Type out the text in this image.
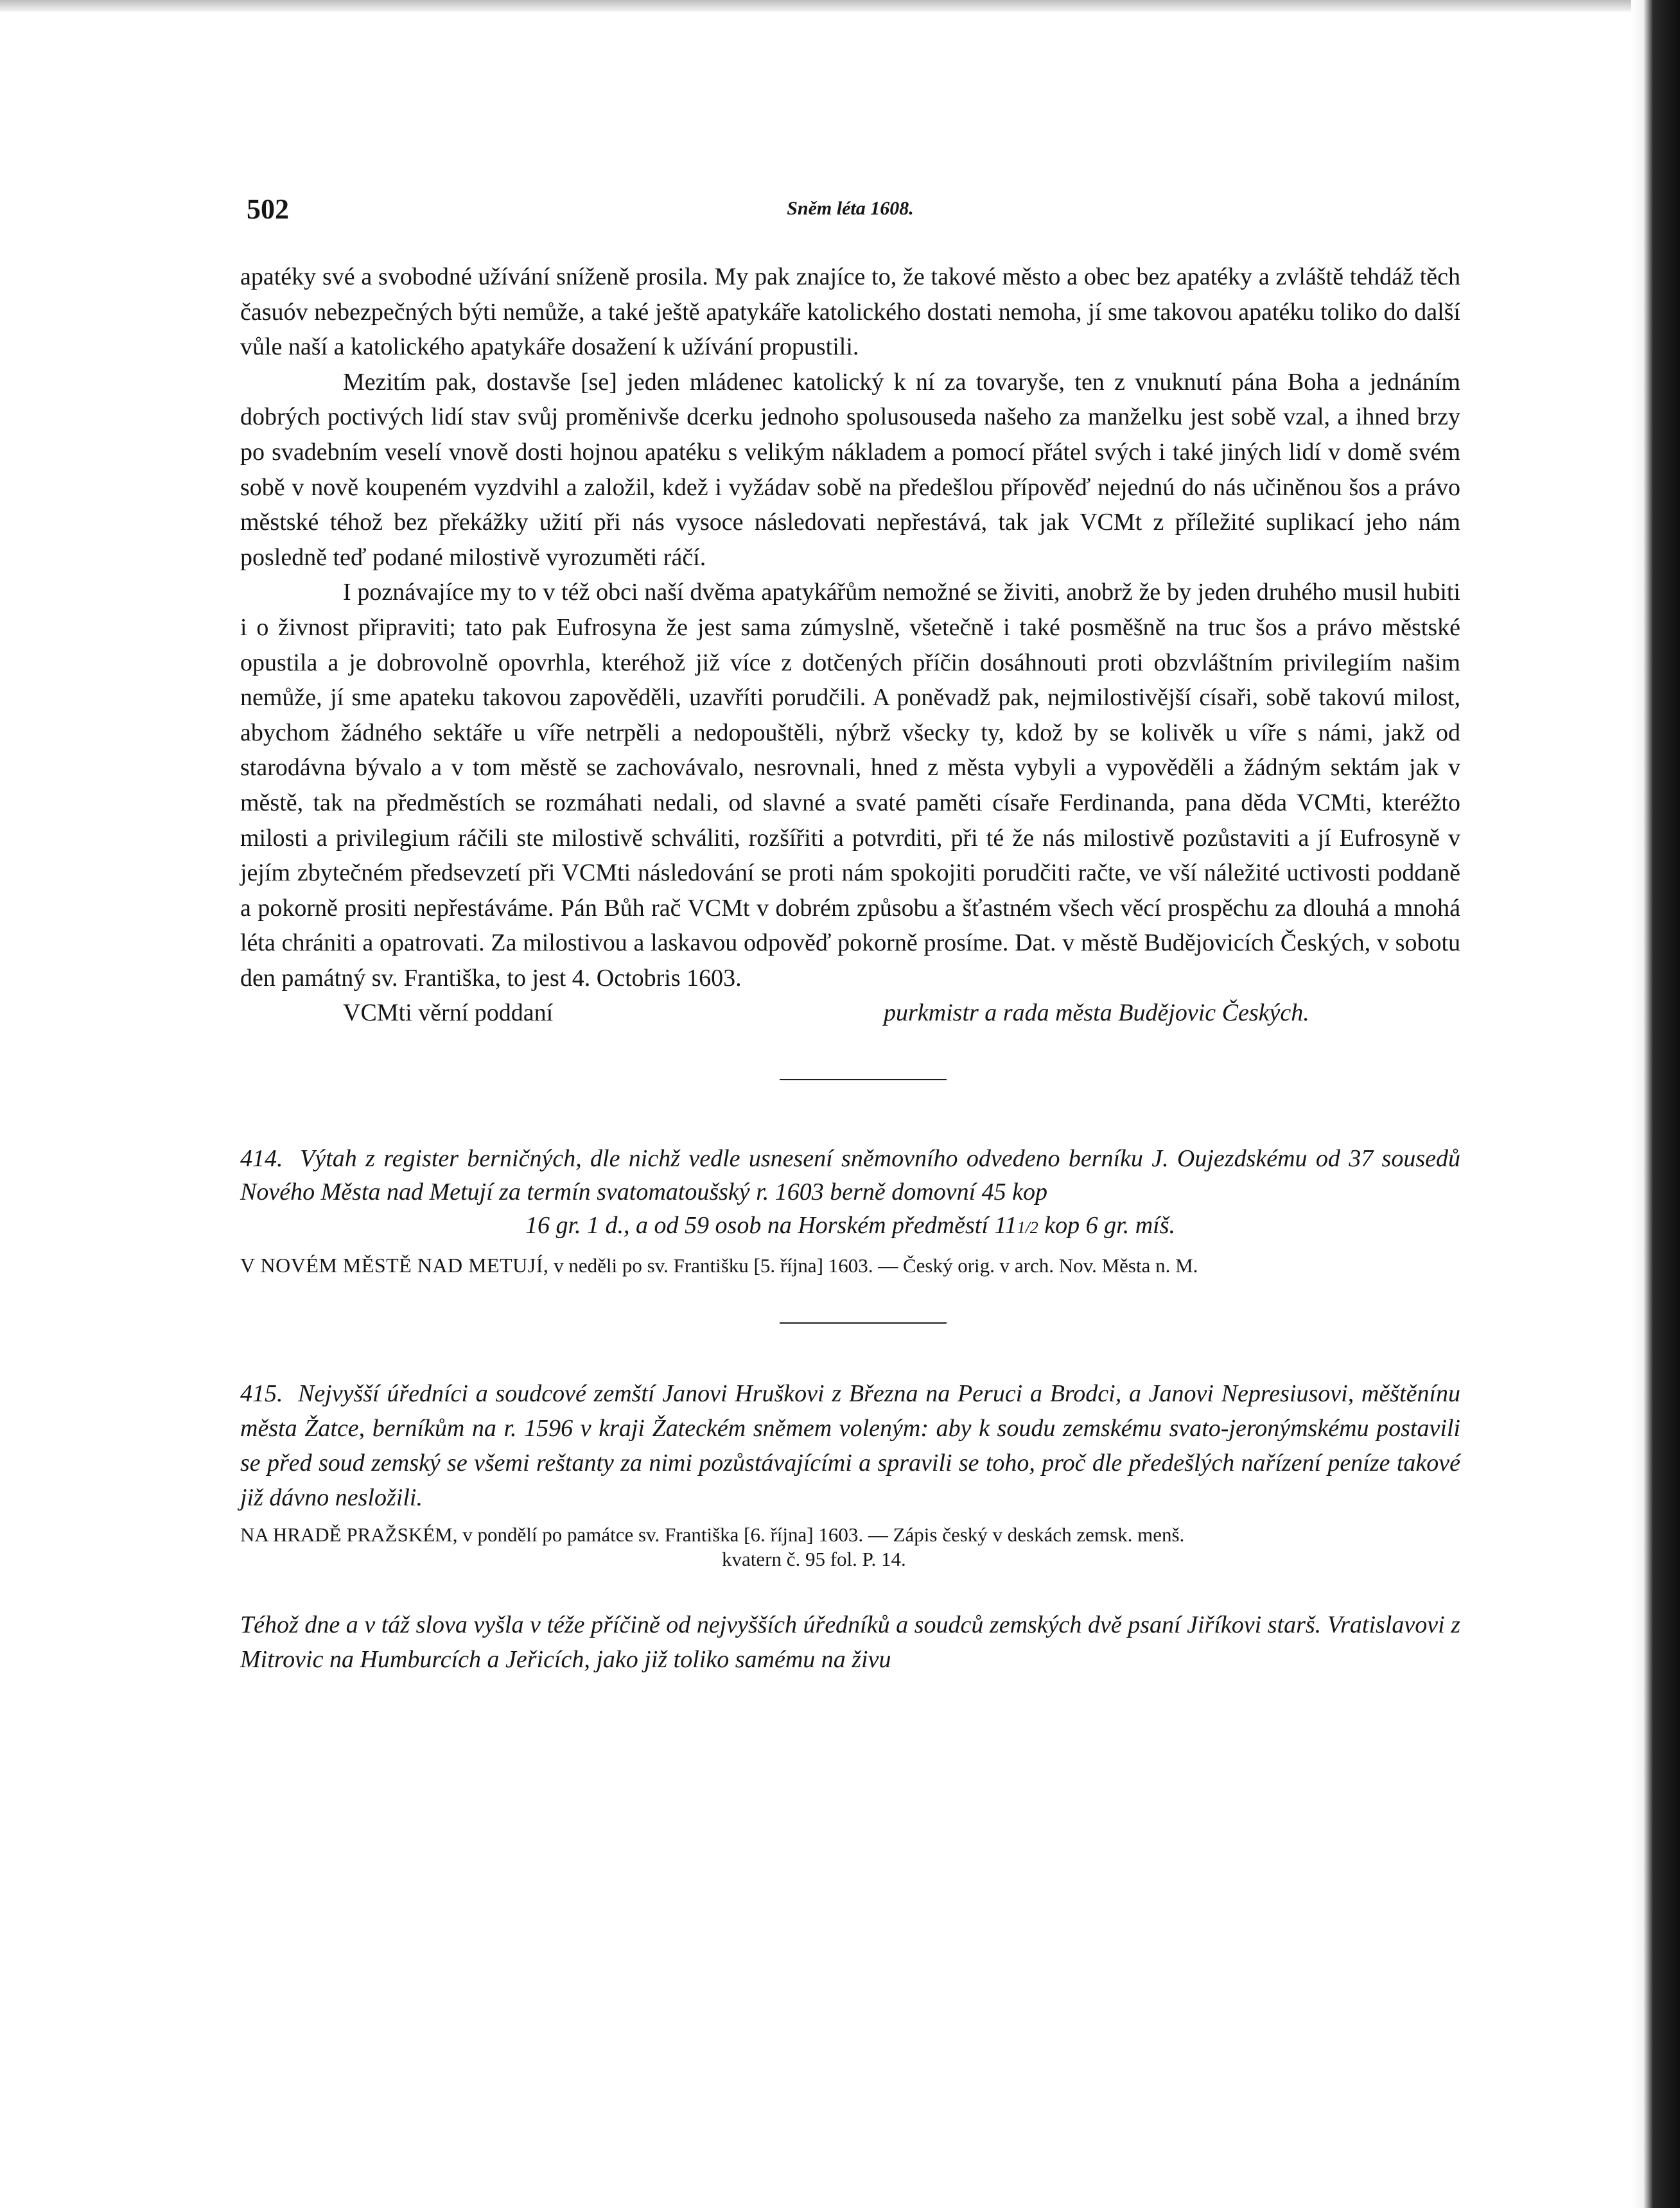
502	Sněm léta 1608.

apatéky své a svobodné užívání sníženě prosila. My pak znajíce to, že takové město a obec bez apatéky a zvláště tehdáž těch časuóv nebezpečných býti nemůže, a také ještě apatykáře katolického dostati nemoha, jí sme takovou apatéku toliko do další vůle naší a katolického apatykáře dosažení k užívání propustili.

Mezitím pak, dostavše [se] jeden mládenec katolický k ní za tovaryše, ten z vnuknutí pána Boha a jednáním dobrých poctivých lidí stav svůj proměnivše dcerku jednoho spolusouseda našeho za manželku jest sobě vzal, a ihned brzy po svadebním veselí vnově dosti hojnou apatéku s velikým nákladem a pomocí přátel svých i také jiných lidí v domě svém sobě v nově koupeném vyzdvihl a založil, kdež i vyžádav sobě na předešlou přípověď nejednú do nás učiněnou šos a právo městské téhož bez překážky užití při nás vysoce následovati nepřestává, tak jak VCMt z příležité suplikací jeho nám posledně teď podané milostivě vyrozuměti ráčí.

I poznávajíce my to v též obci naší dvěma apatykářům nemožné se živiti, anobrž že by jeden druhého musil hubiti i o živnost připraviti; tato pak Eufrosyna že jest sama zúmyslně, všetečně i také posměšně na truc šos a právo městské opustila a je dobrovolně opovrhla, kteréhož již více z dotčených příčin dosáhnouti proti obzvláštním privilegiím našim nemůže, jí sme apateku takovou zapověděli, uzavříti porudčili. A poněvadž pak, nejmilostivější císaři, sobě takovú milost, abychom žádného sektáře u víře netrpěli a nedopouštěli, nýbrž všecky ty, kdož by se kolivěk u víře s námi, jakž od starodávna bývalo a v tom městě se zachovávalo, nesrovnali, hned z města vybyli a vypověděli a žádným sektám jak v městě, tak na předměstích se rozmáhati nedali, od slavné a svaté paměti císaře Ferdinanda, pana děda VCMti, kteréžto milosti a privilegium ráčili ste milostivě schváliti, rozšířiti a potvrditi, při té že nás milostivě pozůstaviti a jí Eufrosyně v jejím zbytečném předsevzetí při VCMti následování se proti nám spokojiti porudčiti račte, ve vší náležité uctivosti poddaně a pokorně prositi nepřestáváme. Pán Bůh rač VCMt v dobrém způsobu a šťastném všech věcí prospěchu za dlouhá a mnohá léta chrániti a opatrovati. Za milostivou a laskavou odpověď pokorně prosíme. Dat. v městě Budějovicích Českých, v sobotu den památný sv. Františka, to jest 4. Octobris 1603.

VCMti věrní poddaní	purkmistr a rada města Budějovic Českých.

414. Výtah z register berničných, dle nichž vedle usnesení sněmovního odvedeno berníku J. Oujezdskému od 37 sousedů Nového Města nad Metují za termín svatomatoušský r. 1603 berně domovní 45 kop

16 gr. 1 d., a od 59 osob na Horském předměstí 111/2 kop 6 gr. míš.

V NOVÉM MĚSTĚ NAD METUJÍ, v neděli po sv. Františku [5. října] 1603. — Český orig. v arch. Nov. Města n. M.

415. Nejvyšší úředníci a soudcové zemští Janovi Hruškovi z Března na Peruci a Brodci, a Janovi Nepresiusovi, měštěnínu města Žatce, berníkům na r. 1596 v kraji Žateckém sněmem voleným: aby k soudu zemskému svato-jeronýmskému postavili se před soud zemský se všemi reštanty za nimi pozůstávajícími a spravili se toho, proč dle předešlých nařízení peníze takové již dávno nesložili.

NA HRADĚ PRAŽSKÉM, v pondělí po památce sv. Františka [6. října] 1603. — Zápis český v deskách zemsk. menš.
kvatern č. 95 fol. P. 14.

Téhož dne a v táž slova vyšla v téže příčině od nejvyšších úředníků a soudců zemských dvě psaní Jiříkovi starš. Vratislavovi z Mitrovic na Humburcích a Jeřicích, jako již toliko samému na živu
